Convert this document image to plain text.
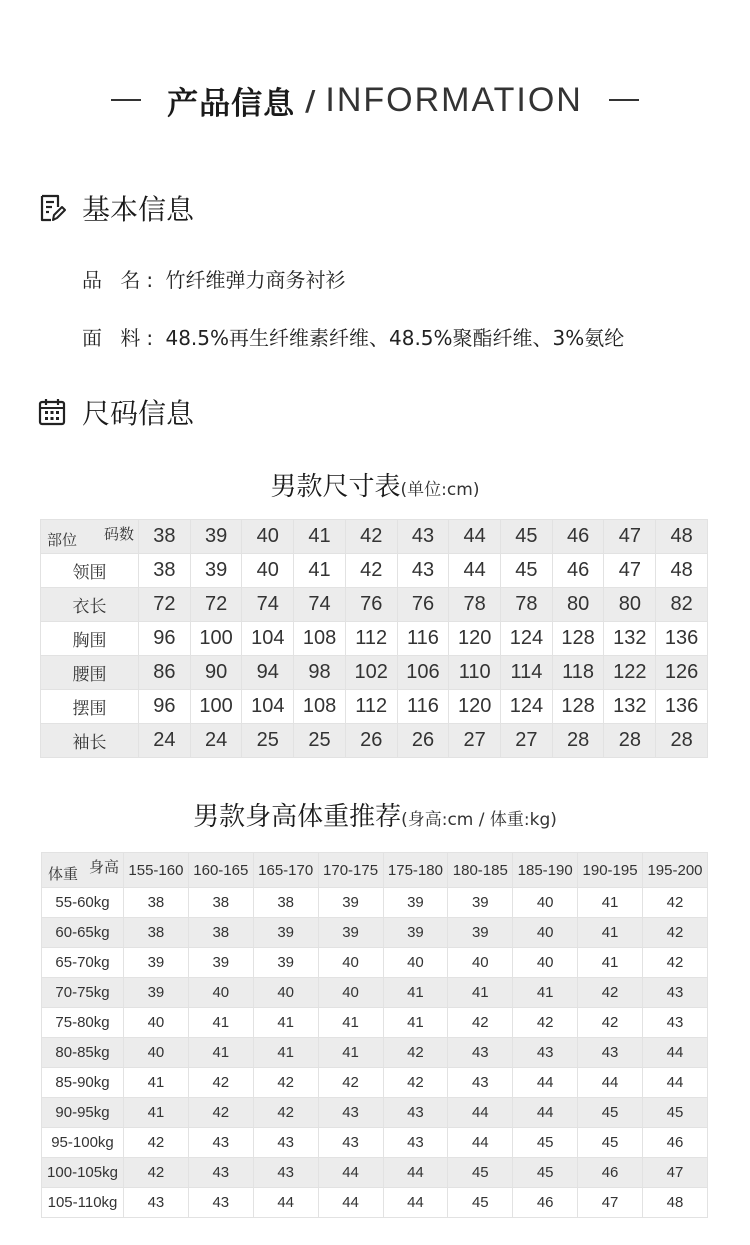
产品信息 / INFORMATION
基本信息
品 名: 竹纤维弹力商务衬衫
面 料: 48.5%再生纤维素纤维、48.5%聚酯纤维、3%氨纶
尺码信息
男款尺寸表(单位:cm)
码数
部位	38	39	40	41	42	43	44	45	46	47	48
领围	38	39	40	41	42	43	44	45	46	47	48
衣长	72	72	74	74	76	76	78	78	80	80	82
胸围	96	100	104	108	112	116	120	124	128	132	136
腰围	86	90	94	98	102	106	110	114	118	122	126
摆围	96	100	104	108	112	116	120	124	128	132	136
袖长	24	24	25	25	26	26	27	27	28	28	28
男款身高体重推荐(身高:cm / 体重:kg)
身高
体重	155-160	160-165	165-170	170-175	175-180	180-185	185-190	190-195	195-200
55-60kg	38	38	38	39	39	39	40	41	42
60-65kg	38	38	39	39	39	39	40	41	42
65-70kg	39	39	39	40	40	40	40	41	42
70-75kg	39	40	40	40	41	41	41	42	43
75-80kg	40	41	41	41	41	42	42	42	43
80-85kg	40	41	41	41	42	43	43	43	44
85-90kg	41	42	42	42	42	43	44	44	44
90-95kg	41	42	42	43	43	44	44	45	45
95-100kg	42	43	43	43	43	44	45	45	46
100-105kg	42	43	43	44	44	45	45	46	47
105-110kg	43	43	44	44	44	45	46	47	48
